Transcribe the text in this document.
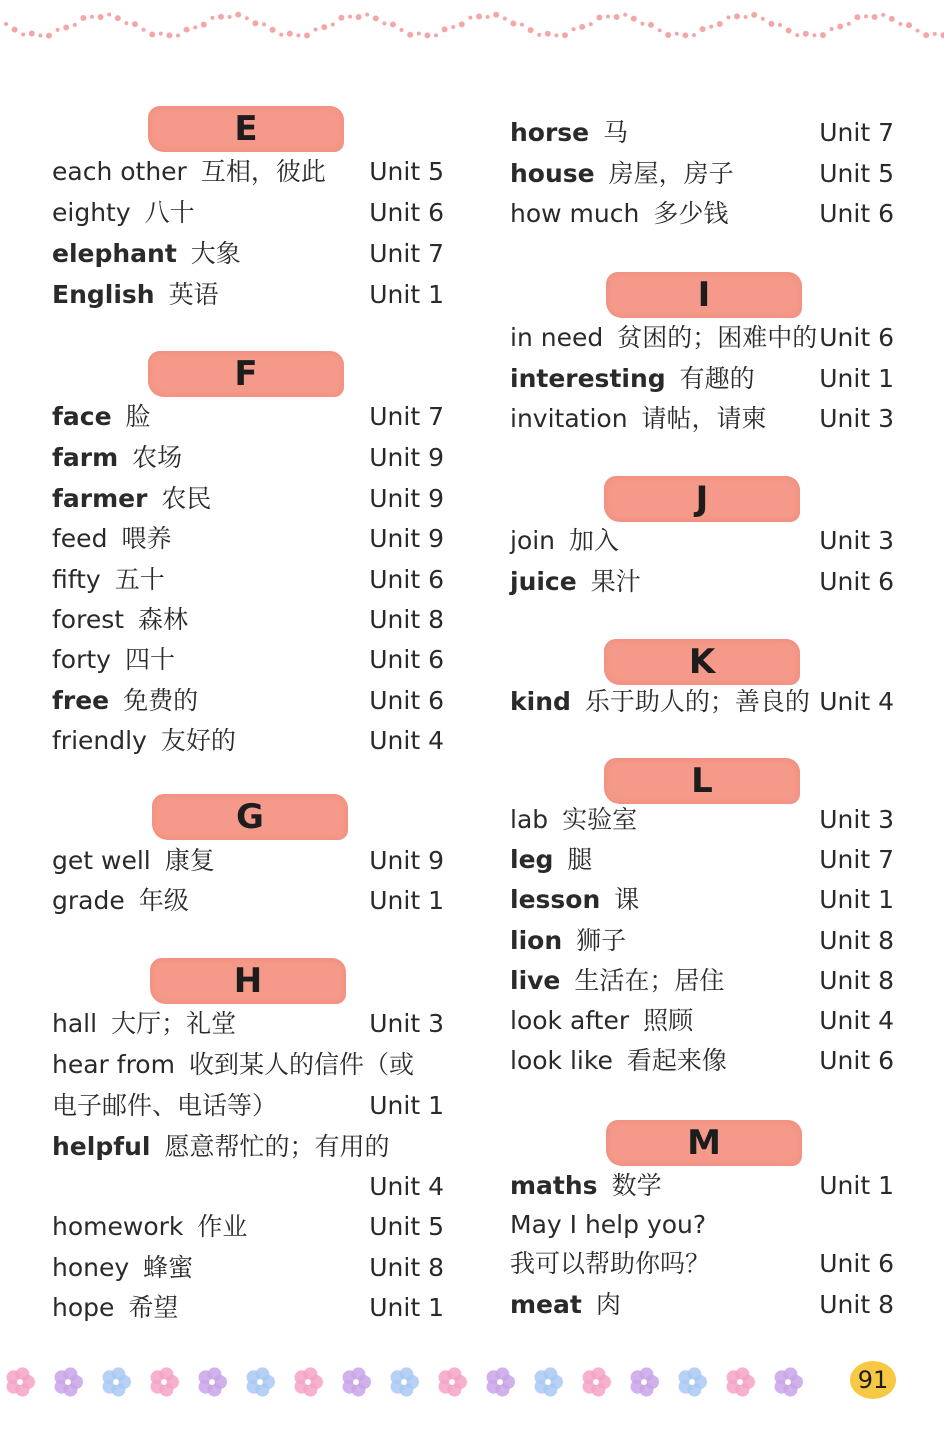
E
each other 互相，彼此 Unit 5
eighty 八十	Unit 6
elephant 大象	Unit 7
English 英语	Unit 1
F
face 脸	Unit 7
farm 农场	Unit 9
farmer 农民	Unit 9
feed 喂养	Unit 9
fifty 五十	Unit 6
forest 森林	Unit 8
forty 四十	Unit 6
free 免费的	Unit 6
friendly 友好的	Unit 4
G
get well 康复	Unit 9
grade 年级	Unit 1
H
hall 大厅；礼堂	Unit 3
hear from 收到某人的信件（或
电子邮件、电话等）	Unit 1
helpful 愿意帮忙的；有用的
Unit 4
homework 作业	Unit 5
honey 蜂蜜	Unit 8
hope 希望	Unit 1
horse 马	Unit 7
house 房屋，房子	Unit 5
how much 多少钱	Unit 6
I
in need 贫困的；困难中的 Unit 6
interesting 有趣的	Unit 1
invitation 请帖，请柬 Unit 3
J
join 加入	Unit 3
juice 果汁	Unit 6
K
kind 乐于助人的；善良的 Unit 4
L
lab 实验室	Unit 3
leg 腿	Unit 7
lesson 课	Unit 1
lion 狮子	Unit 8
live 生活在；居住	Unit 8
look after 照顾	Unit 4
look like 看起来像	Unit 6
M
maths 数学	Unit 1
May I help you?
我可以帮助你吗？	Unit 6
meat 肉	Unit 8
91
